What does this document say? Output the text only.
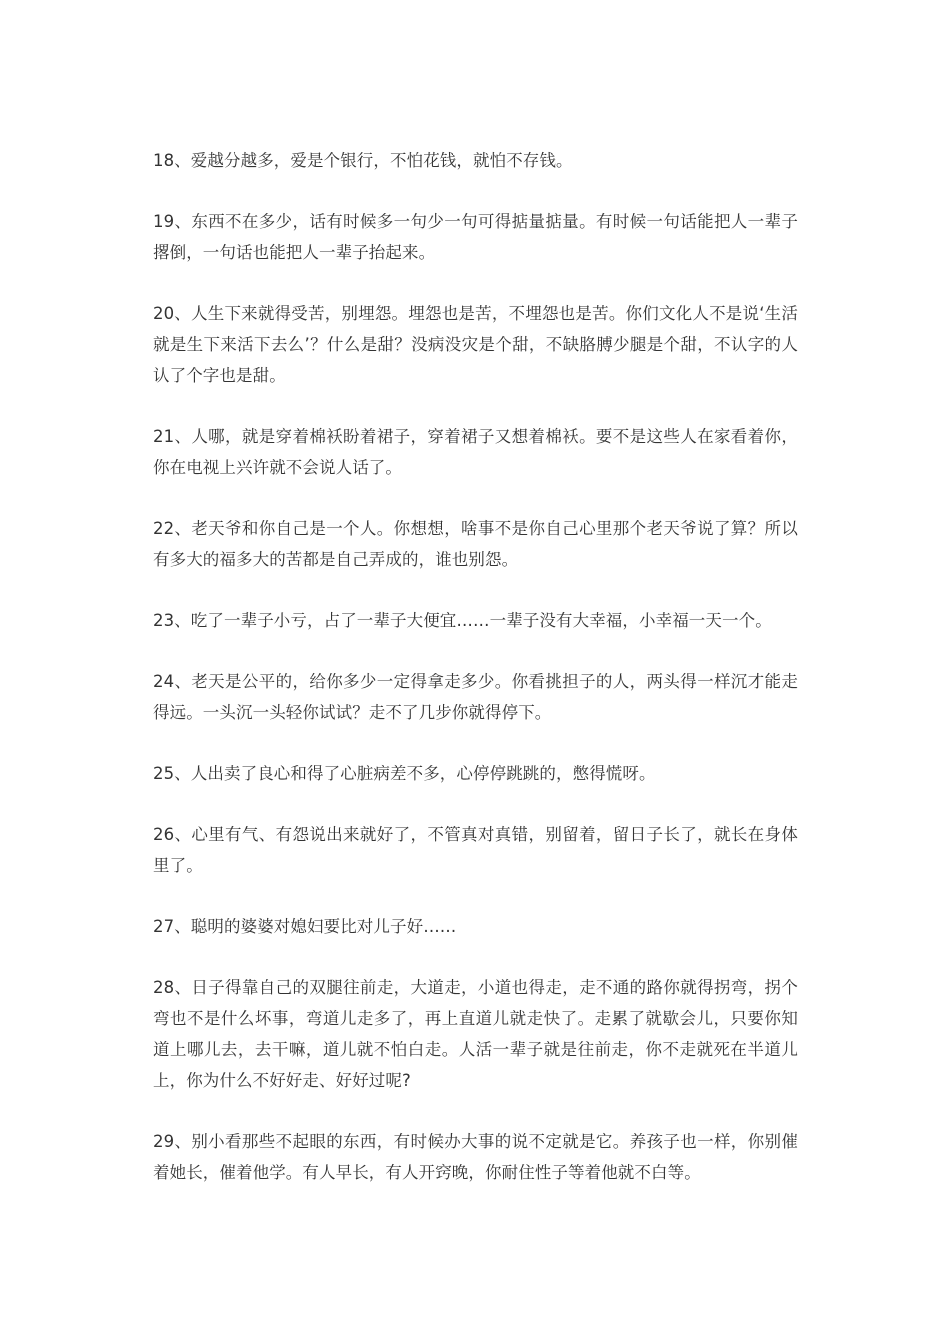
18、爱越分越多，爱是个银行，不怕花钱，就怕不存钱。

19、东西不在多少，话有时候多一句少一句可得掂量掂量。有时候一句话能把人一辈子撂倒，一句话也能把人一辈子抬起来。

20、人生下来就得受苦，别埋怨。埋怨也是苦，不埋怨也是苦。你们文化人不是说‘生活就是生下来活下去么’？什么是甜？没病没灾是个甜，不缺胳膊少腿是个甜，不认字的人认了个字也是甜。

21、人哪，就是穿着棉袄盼着裙子，穿着裙子又想着棉袄。要不是这些人在家看着你，你在电视上兴许就不会说人话了。

22、老天爷和你自己是一个人。你想想，啥事不是你自己心里那个老天爷说了算？所以有多大的福多大的苦都是自己弄成的，谁也别怨。

23、吃了一辈子小亏，占了一辈子大便宜……一辈子没有大幸福，小幸福一天一个。

24、老天是公平的，给你多少一定得拿走多少。你看挑担子的人，两头得一样沉才能走得远。一头沉一头轻你试试？走不了几步你就得停下。

25、人出卖了良心和得了心脏病差不多，心停停跳跳的，憋得慌呀。

26、心里有气、有怨说出来就好了，不管真对真错，别留着，留日子长了，就长在身体里了。

27、聪明的婆婆对媳妇要比对儿子好……

28、日子得靠自己的双腿往前走，大道走，小道也得走，走不通的路你就得拐弯，拐个弯也不是什么坏事，弯道儿走多了，再上直道儿就走快了。走累了就歇会儿，只要你知道上哪儿去，去干嘛，道儿就不怕白走。人活一辈子就是往前走，你不走就死在半道儿上，你为什么不好好走、好好过呢?

29、别小看那些不起眼的东西，有时候办大事的说不定就是它。养孩子也一样，你别催着她长，催着他学。有人早长，有人开窍晚，你耐住性子等着他就不白等。
